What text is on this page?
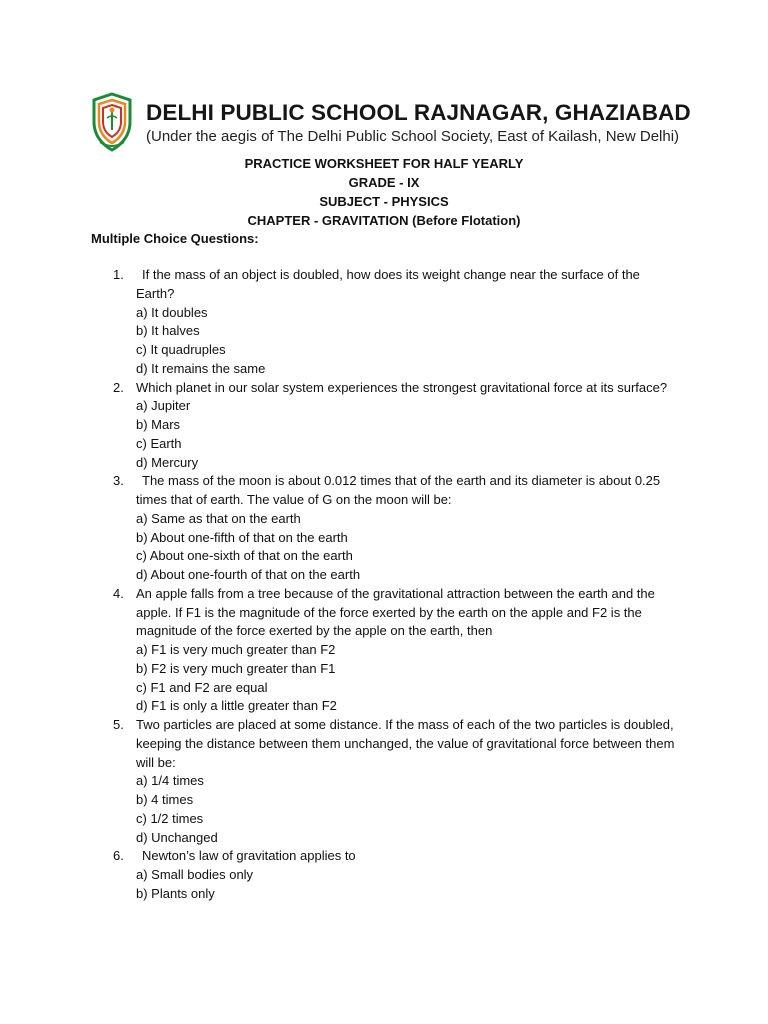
DELHI PUBLIC SCHOOL RAJNAGAR, GHAZIABAD
(Under the aegis of The Delhi Public School Society, East of Kailash, New Delhi)
PRACTICE WORKSHEET FOR HALF YEARLY
GRADE - IX
SUBJECT - PHYSICS
CHAPTER - GRAVITATION (Before Flotation)
Multiple Choice Questions:
1.	If the mass of an object is doubled, how does its weight change near the surface of the Earth?
a) It doubles
b) It halves
c) It quadruples
d) It remains the same
2. Which planet in our solar system experiences the strongest gravitational force at its surface?
a) Jupiter
b) Mars
c) Earth
d) Mercury
3.	The mass of the moon is about 0.012 times that of the earth and its diameter is about 0.25 times that of earth. The value of G on the moon will be:
a) Same as that on the earth
b) About one-fifth of that on the earth
c) About one-sixth of that on the earth
d) About one-fourth of that on the earth
4. An apple falls from a tree because of the gravitational attraction between the earth and the apple. If F1 is the magnitude of the force exerted by the earth on the apple and F2 is the magnitude of the force exerted by the apple on the earth, then
a) F1 is very much greater than F2
b) F2 is very much greater than F1
c) F1 and F2 are equal
d) F1 is only a little greater than F2
5. Two particles are placed at some distance. If the mass of each of the two particles is doubled, keeping the distance between them unchanged, the value of gravitational force between them will be:
a) 1/4 times
b) 4 times
c) 1/2 times
d) Unchanged
6.	Newton’s law of gravitation applies to
a) Small bodies only
b) Plants only
